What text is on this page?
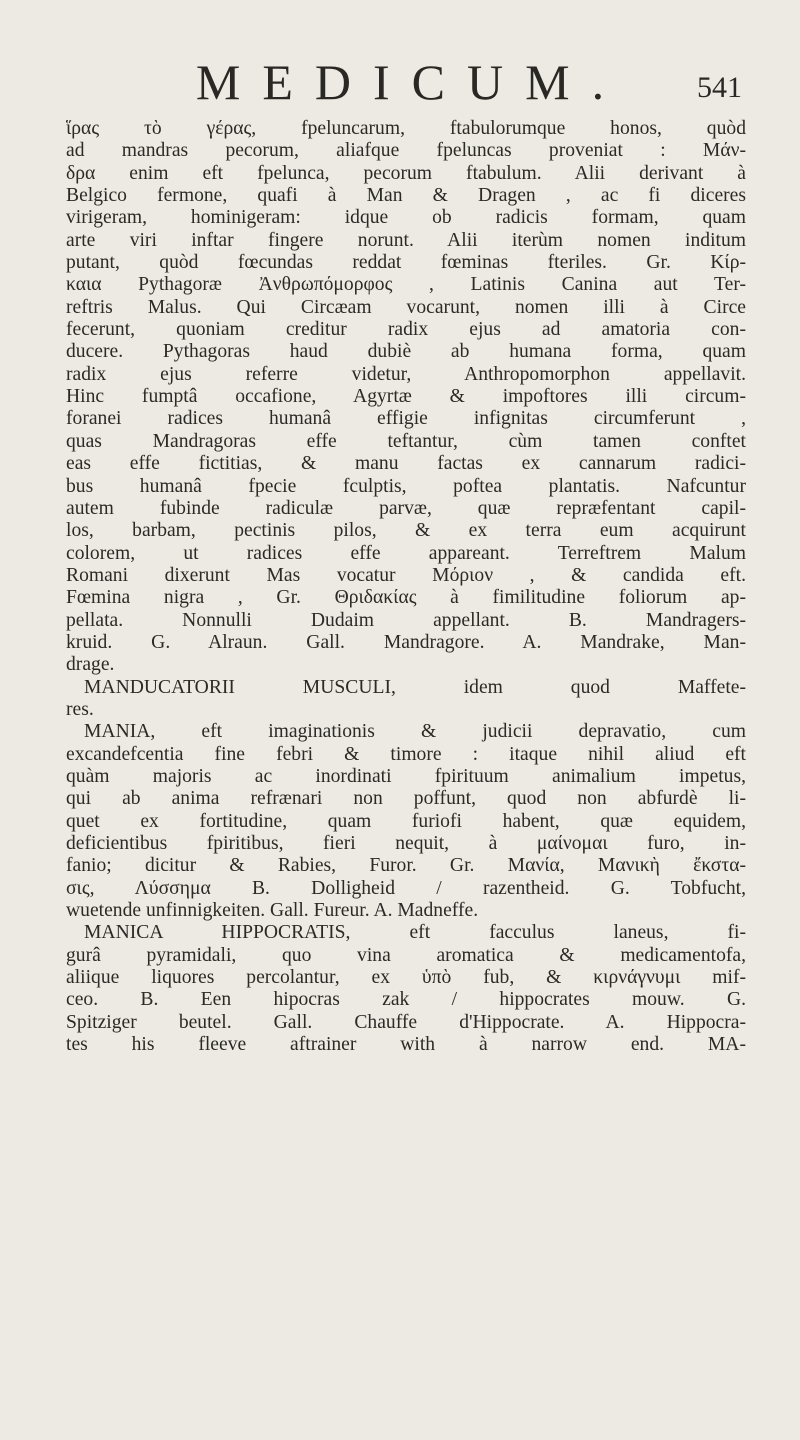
MEDICUM.	541
ἵρας τὸ γέρας, fpeluncarum, ftabulorumque honos, quòd
ad mandras pecorum, aliafque fpeluncas proveniat : Μάν-
δρα enim eft fpelunca, pecorum ftabulum. Alii derivant à
Belgico fermone, quafi à Man & Dragen , ac fi diceres
virigeram, hominigeram: idque ob radicis formam, quam
arte viri inftar fingere norunt. Alii iterùm nomen inditum
putant, quòd fœcundas reddat fœminas fteriles. Gr. Κίρ-
καια Pythagoræ Ἀνθρωπόμορφος , Latinis Canina aut Ter-
reftris Malus. Qui Circæam vocarunt, nomen illi à Circe
fecerunt, quoniam creditur radix ejus ad amatoria con-
ducere. Pythagoras haud dubiè ab humana forma, quam
radix ejus referre videtur, Anthropomorphon appellavit.
Hinc fumptâ occafione, Agyrtæ & impoftores illi circum-
foranei radices humanâ effigie infignitas circumferunt ,
quas Mandragoras effe teftantur, cùm tamen conftet
eas effe fictitias, & manu factas ex cannarum radici-
bus humanâ fpecie fculptis, poftea plantatis. Nafcuntur
autem fubinde radiculæ parvæ, quæ repræfentant capil-
los, barbam, pectinis pilos, & ex terra eum acquirunt
colorem, ut radices effe appareant. Terreftrem Malum
Romani dixerunt Mas vocatur Μόριον , & candida eft.
Fœmina nigra , Gr. Θριδακίας à fimilitudine foliorum ap-
pellata. Nonnulli Dudaim appellant. B. Mandragers-
kruid. G. Alraun. Gall. Mandragore. A. Mandrake, Man-
drage.
MANDUCATORII MUSCULI, idem quod Maffete-
res.
MANIA, eft imaginationis & judicii depravatio, cum
excandefcentia fine febri & timore : itaque nihil aliud eft
quàm majoris ac inordinati fpirituum animalium impetus,
qui ab anima refrænari non poffunt, quod non abfurdè li-
quet ex fortitudine, quam furiofi habent, quæ equidem,
deficientibus fpiritibus, fieri nequit, à μαίνομαι furo, in-
fanio; dicitur & Rabies, Furor. Gr. Μανία, Μανικὴ ἔκστα-
σις, Λύσσημα B. Dolligheid / razentheid. G. Tobfucht,
wuetende unfinnigkeiten. Gall. Fureur. A. Madneffe.
MANICA HIPPOCRATIS, eft facculus laneus, fi-
gurâ pyramidali, quo vina aromatica & medicamentofa,
aliique liquores percolantur, ex ὑπὸ fub, & κιρνάγνυμι mif-
ceo. B. Een hipocras zak / hippocrates mouw. G.
Spitziger beutel. Gall. Chauffe d'Hippocrate. A. Hippocra-
tes his fleeve aftrainer with à narrow end. MA-
